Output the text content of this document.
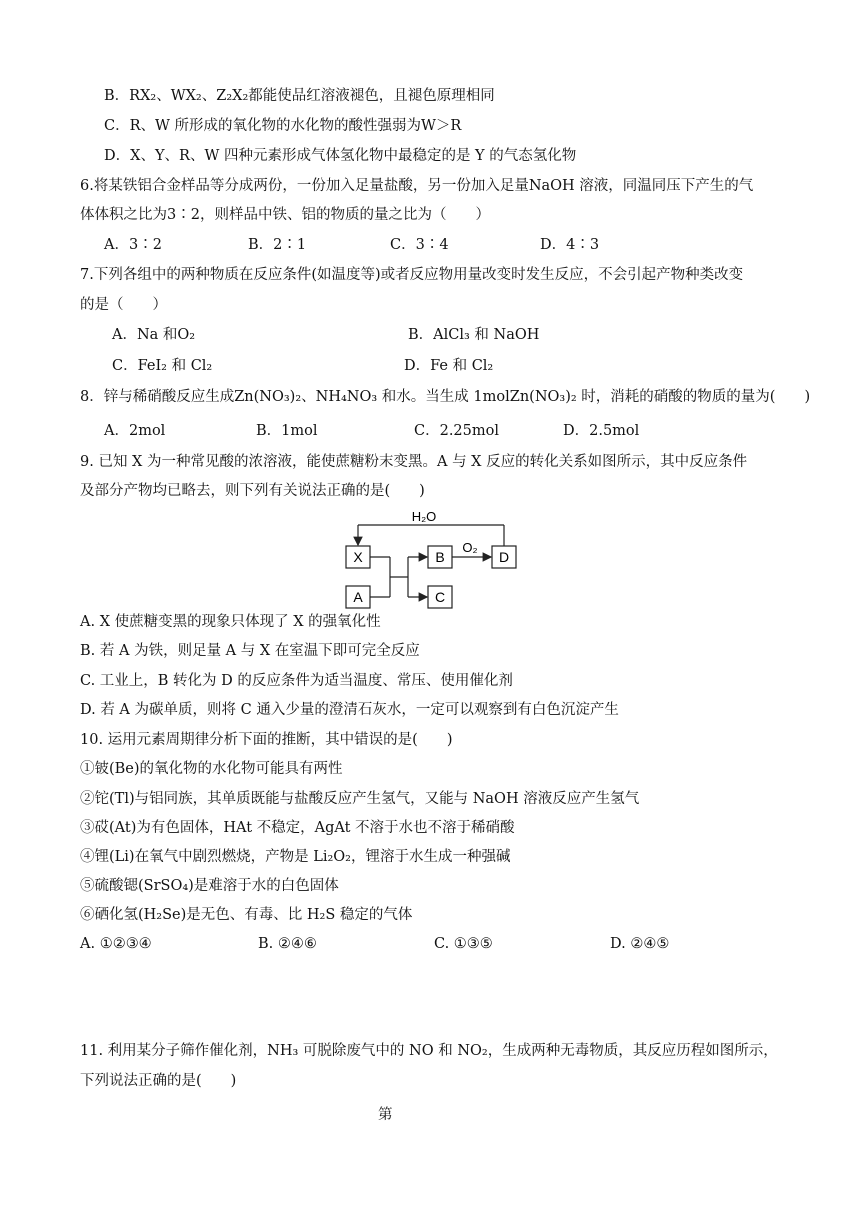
B．RX₂、WX₂、Z₂X₂都能使品红溶液褪色，且褪色原理相同
C．R、W 所形成的氧化物的水化物的酸性强弱为W＞R
D．X、Y、R、W 四种元素形成气体氢化物中最稳定的是 Y 的气态氢化物
6.将某铁铝合金样品等分成两份，一份加入足量盐酸，另一份加入足量NaOH 溶液，同温同压下产生的气
体体积之比为3∶2，则样品中铁、铝的物质的量之比为（　　）
A．3∶2	B．2∶1	C．3∶4	D．4∶3
7.下列各组中的两种物质在反应条件(如温度等)或者反应物用量改变时发生反应，不会引起产物种类改变
的是（　　）
A．Na 和O₂	B．AlCl₃ 和 NaOH
C．FeI₂ 和 Cl₂	D．Fe 和 Cl₂
8．锌与稀硝酸反应生成Zn(NO₃)₂、NH₄NO₃ 和水。当生成 1molZn(NO₃)₂ 时，消耗的硝酸的物质的量为(　　)
A．2mol	B．1mol	C．2.25mol	D．2.5mol
9. 已知 X 为一种常见酸的浓溶液，能使蔗糖粉末变黑。A 与 X 反应的转化关系如图所示，其中反应条件
及部分产物均已略去，则下列有关说法正确的是(　　)
X
A
B
C
D
O₂
H₂O
A. X 使蔗糖变黑的现象只体现了 X 的强氧化性
B. 若 A 为铁，则足量 A 与 X 在室温下即可完全反应
C. 工业上，B 转化为 D 的反应条件为适当温度、常压、使用催化剂
D. 若 A 为碳单质，则将 C 通入少量的澄清石灰水，一定可以观察到有白色沉淀产生
10. 运用元素周期律分析下面的推断，其中错误的是(　　)
①铍(Be)的氧化物的水化物可能具有两性
②铊(Tl)与铝同族，其单质既能与盐酸反应产生氢气，又能与 NaOH 溶液反应产生氢气
③砹(At)为有色固体，HAt 不稳定，AgAt 不溶于水也不溶于稀硝酸
④锂(Li)在氧气中剧烈燃烧，产物是 Li₂O₂，锂溶于水生成一种强碱
⑤硫酸锶(SrSO₄)是难溶于水的白色固体
⑥硒化氢(H₂Se)是无色、有毒、比 H₂S 稳定的气体
A. ①②③④	B. ②④⑥	C. ①③⑤	D. ②④⑤
11. 利用某分子筛作催化剂，NH₃ 可脱除废气中的 NO 和 NO₂，生成两种无毒物质，其反应历程如图所示，
下列说法正确的是(　　)
第
